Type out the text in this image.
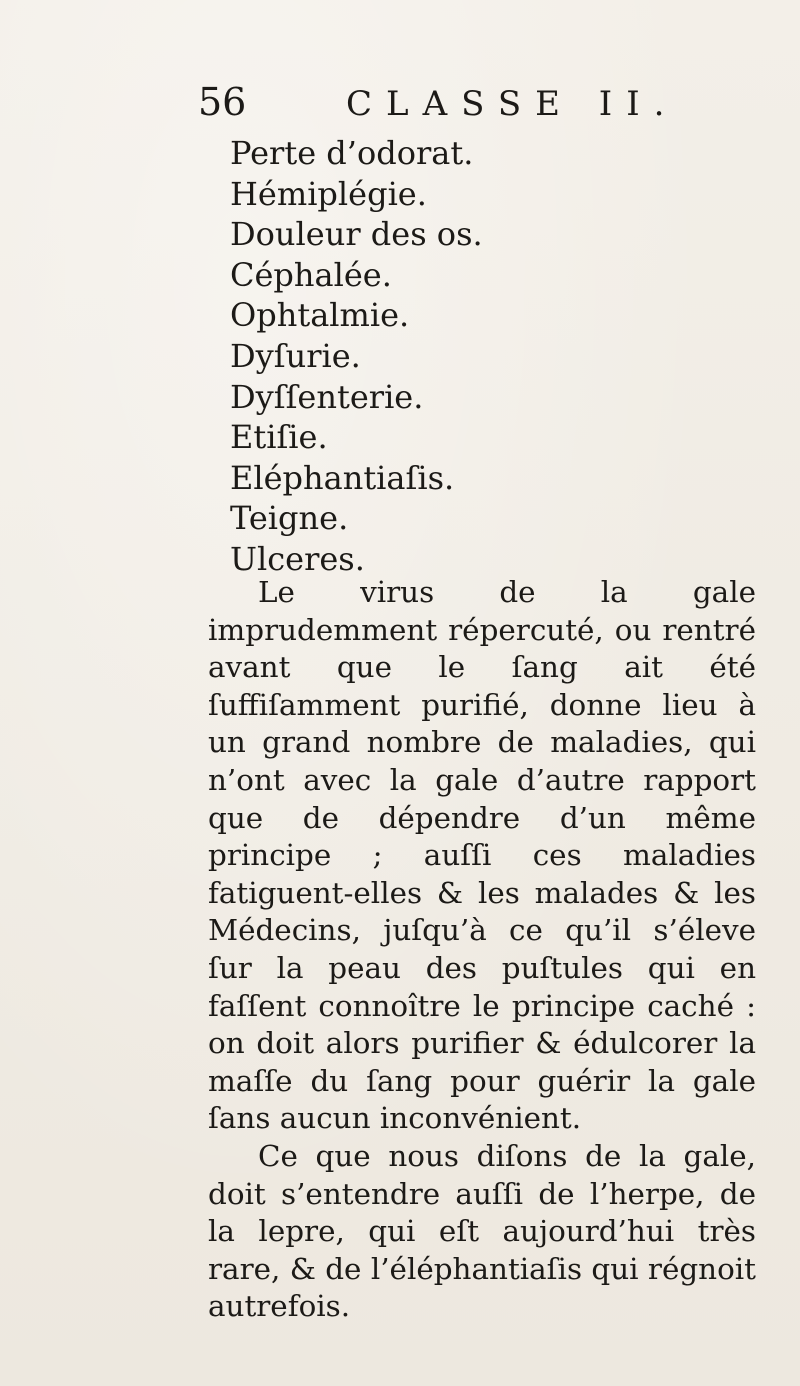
56	CLASSE II.
Perte d’odorat.
Hémiplégie.
Douleur des os.
Céphalée.
Ophtalmie.
Dyſurie.
Dyſſenterie.
Etiſie.
Eléphantiaſis.
Teigne.
Ulceres.

Le virus de la gale imprudemment répercuté, ou rentré avant que le ſang ait été ſuffiſamment purifié, donne lieu à un grand nombre de maladies, qui n’ont avec la gale d’autre rapport que de dépendre d’un même principe ; auſſi ces maladies fatiguent-elles & les malades & les Médecins, juſqu’à ce qu’il s’éleve ſur la peau des puſtules qui en faſſent connoître le principe caché : on doit alors purifier & édulcorer la maſſe du ſang pour guérir la gale ſans aucun inconvénient.

Ce que nous diſons de la gale, doit s’entendre auſſi de l’herpe, de la lepre, qui eſt aujourd’hui très rare, & de l’éléphantiaſis qui régnoit autrefois.
